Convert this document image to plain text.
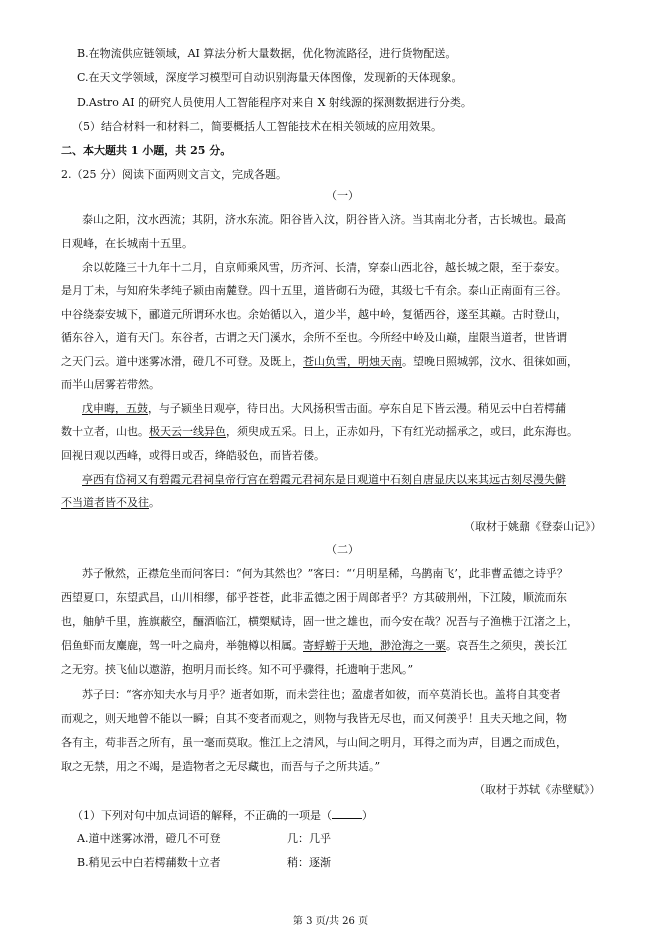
B.在物流供应链领域，AI 算法分析大量数据，优化物流路径，进行货物配送。
C.在天文学领域，深度学习模型可自动识别海量天体图像，发现新的天体现象。
D.Astro AI 的研究人员使用人工智能程序对来自 X 射线源的探测数据进行分类。
（5）结合材料一和材料二，简要概括人工智能技术在相关领域的应用效果。
二、本大题共 1 小题，共 25 分。
2.（25 分）阅读下面两则文言文，完成各题。
（一）
泰山之阳，汶水西流；其阴，济水东流。阳谷皆入汶，阴谷皆入济。当其南北分者，古长城也。最高
日观峰，在长城南十五里。
余以乾隆三十九年十二月，自京师乘风雪，历齐河、长清，穿泰山西北谷，越长城之限，至于泰安。
是月丁未，与知府朱孝纯子颍由南麓登。四十五里，道皆砌石为磴，其级七千有余。泰山正南面有三谷。
中谷绕泰安城下，郦道元所谓环水也。余始循以入，道少半，越中岭，复循西谷，遂至其巅。古时登山，
循东谷入，道有天门。东谷者，古谓之天门溪水，余所不至也。今所经中岭及山巅，崖限当道者，世皆谓
之天门云。道中迷雾冰滑，磴几不可登。及既上，苍山负雪，明烛天南。望晚日照城郭，汶水、徂徕如画，
而半山居雾若带然。
戊申晦，五鼓，与子颍坐日观亭，待日出。大风扬积雪击面。亭东自足下皆云漫。稍见云中白若樗蒱
数十立者，山也。极天云一线异色，须臾成五采。日上，正赤如丹，下有红光动摇承之，或曰，此东海也。
回视日观以西峰，或得日或否，绛皓驳色，而皆若偻。
亭西有岱祠又有碧霞元君祠皇帝行宫在碧霞元君祠东是日观道中石刻自唐显庆以来其远古刻尽漫失僻
不当道者皆不及往。
（取材于姚鼐《登泰山记》）
（二）
苏子愀然，正襟危坐而问客曰：“何为其然也？”客曰：“‘月明星稀，乌鹊南飞’，此非曹孟德之诗乎？
西望夏口，东望武昌，山川相缪，郁乎苍苍，此非孟德之困于周郎者乎？方其破荆州，下江陵，顺流而东
也，舳舻千里，旌旗蔽空，酾酒临江，横槊赋诗，固一世之雄也，而今安在哉？况吾与子渔樵于江渚之上，
侣鱼虾而友麋鹿，驾一叶之扁舟，举匏樽以相属。寄蜉蝣于天地，渺沧海之一粟。哀吾生之须臾，羡长江
之无穷。挟飞仙以遨游，抱明月而长终。知不可乎骤得，托遗响于悲风。”
苏子曰：“客亦知夫水与月乎？逝者如斯，而未尝往也；盈虚者如彼，而卒莫消长也。盖将自其变者
而观之，则天地曾不能以一瞬；自其不变者而观之，则物与我皆无尽也，而又何羡乎！且夫天地之间，物
各有主，苟非吾之所有，虽一毫而莫取。惟江上之清风，与山间之明月，耳得之而为声，目遇之而成色，
取之无禁，用之不竭，是造物者之无尽藏也，而吾与子之所共适。”
（取材于苏轼《赤壁赋》）
（1）下列对句中加点词语的解释，不正确的一项是（	）
A.道中迷雾冰滑，磴几不可登	几：几乎
B.稍见云中白若樗蒱数十立者	稍：逐渐
第 3 页/共 26 页
